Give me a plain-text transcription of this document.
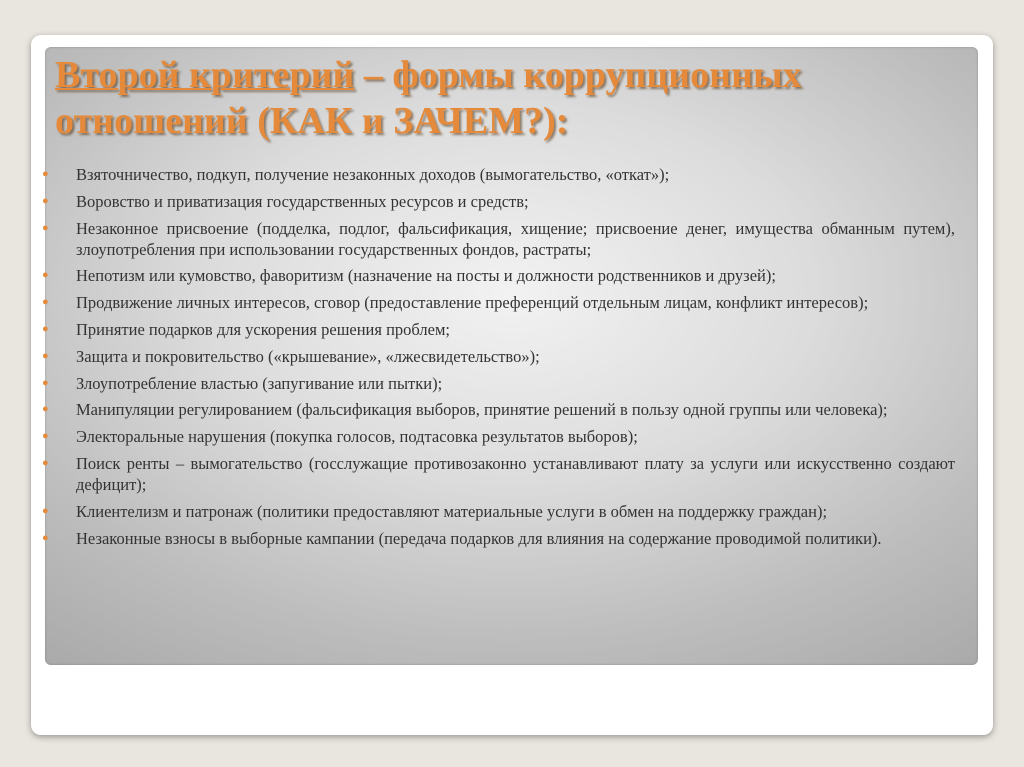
Второй критерий – формы коррупционных отношений (КАК и ЗАЧЕМ?):
● Взяточничество, подкуп, получение незаконных доходов (вымогательство, «откат»);
● Воровство и приватизация государственных ресурсов и средств;
● Незаконное присвоение (подделка, подлог, фальсификация, хищение; присвоение денег, имущества обманным путем), злоупотребления при использовании государственных фондов, растраты;
● Непотизм или кумовство, фаворитизм (назначение на посты и должности родственников и друзей);
● Продвижение личных интересов, сговор (предоставление преференций отдельным лицам, конфликт интересов);
● Принятие подарков для ускорения решения проблем;
● Защита и покровительство («крышевание», «лжесвидетельство»);
● Злоупотребление властью (запугивание или пытки);
● Манипуляции регулированием (фальсификация выборов, принятие решений в пользу одной группы или человека);
● Электоральные нарушения (покупка голосов, подтасовка результатов выборов);
● Поиск ренты – вымогательство (госслужащие противозаконно устанавливают плату за услуги или искусственно создают дефицит);
● Клиентелизм и патронаж (политики предоставляют материальные услуги в обмен на поддержку граждан);
● Незаконные взносы в выборные кампании (передача подарков для влияния на содержание проводимой политики).
